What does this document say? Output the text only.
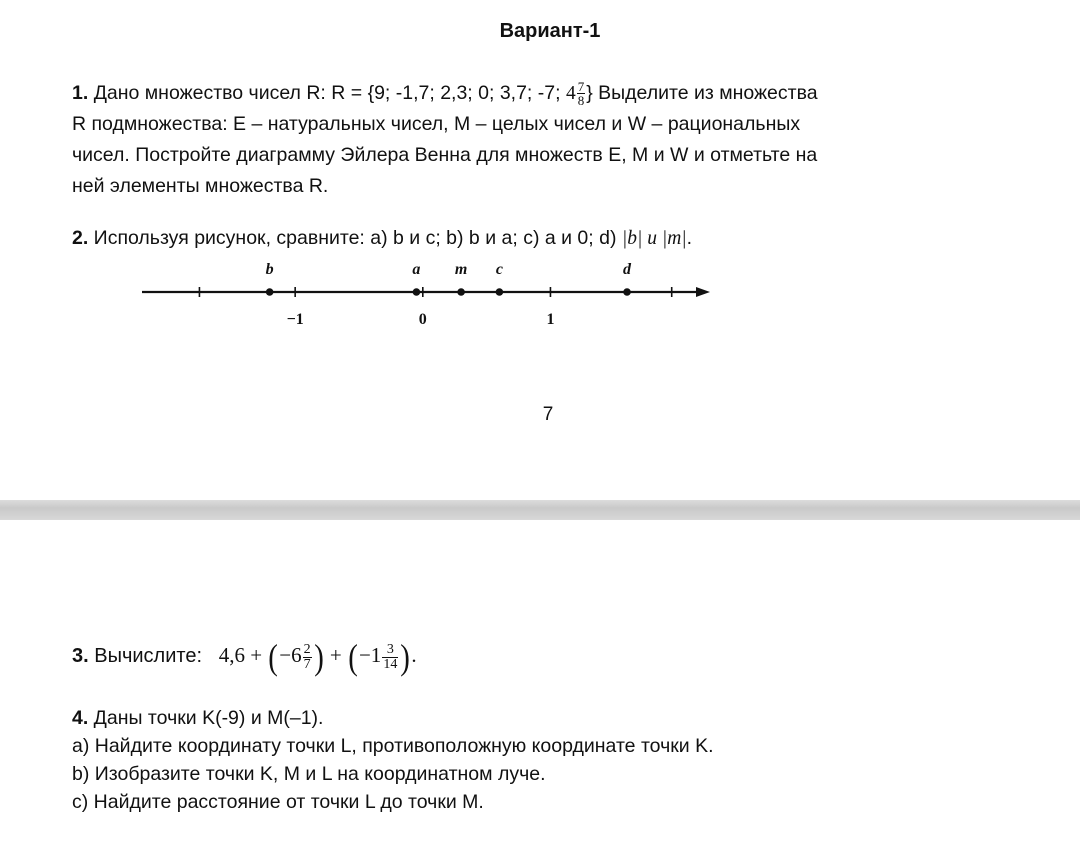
Вариант-1

1. Дано множество чисел R: R = {9; -1,7; 2,3; 0; 3,7; -7; $4 \frac{7}{8}$ } Выделите из множества

R подмножества: E – натуральных чисел, M – целых чисел и W – рациональных

чисел. Постройте диаграмму Эйлера Венна для множеств E, M и W и отметьте на

ней элементы множества R.

2. Используя рисунок, сравните: a) b и c; b) b и a; c) a и 0; d) |b| и |m|.
−1	0	1
b	a m c	d
7
3. Вычислите: $4,6 + (-6 \frac{2}{7}$ ) + ($-1 \frac{3}{14}$ ).

4. Даны точки K(-9) и M(–1).

a) Найдите координату точки L, противоположную координате точки K.

b) Изобразите точки K, M и L на координатном луче.

c) Найдите расстояние от точки L до точки M.
